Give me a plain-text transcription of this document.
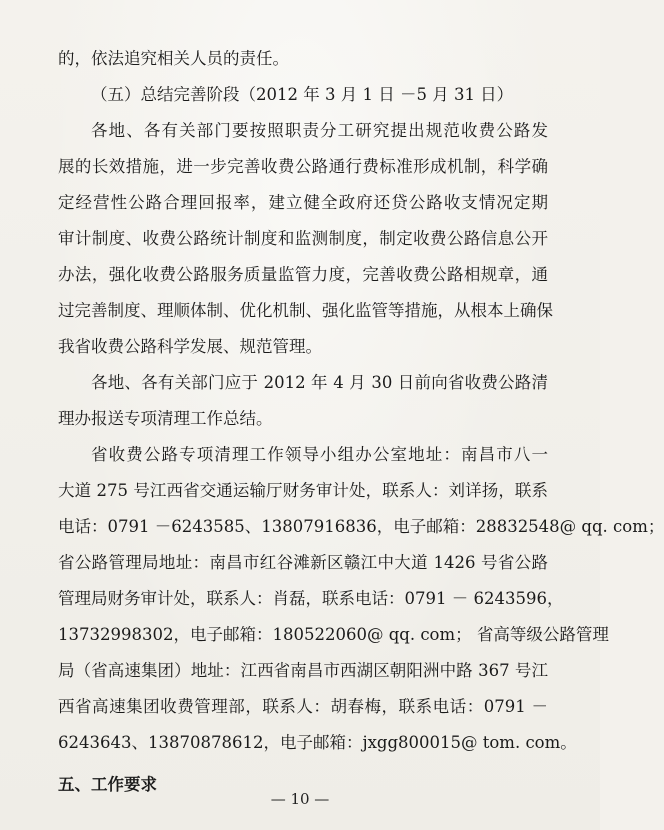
的，依法追究相关人员的责任。
（五）总结完善阶段（2012 年 3 月 1 日 －5 月 31 日）
各地、各有关部门要按照职责分工研究提出规范收费公路发
展的长效措施，进一步完善收费公路通行费标准形成机制，科学确
定经营性公路合理回报率，建立健全政府还贷公路收支情况定期
审计制度、收费公路统计制度和监测制度，制定收费公路信息公开
办法，强化收费公路服务质量监管力度，完善收费公路相规章，通
过完善制度、理顺体制、优化机制、强化监管等措施，从根本上确保
我省收费公路科学发展、规范管理。
各地、各有关部门应于 2012 年 4 月 30 日前向省收费公路清
理办报送专项清理工作总结。
省收费公路专项清理工作领导小组办公室地址：南昌市八一
大道 275 号江西省交通运输厅财务审计处，联系人：刘详扬，联系
电话：0791 －6243585、13807916836，电子邮箱：28832548@ qq. com；
省公路管理局地址：南昌市红谷滩新区赣江中大道 1426 号省公路
管理局财务审计处，联系人：肖磊，联系电话：0791 － 6243596，
13732998302，电子邮箱：180522060@ qq. com； 省高等级公路管理
局（省高速集团）地址：江西省南昌市西湖区朝阳洲中路 367 号江
西省高速集团收费管理部，联系人：胡春梅，联系电话：0791 －
6243643、13870878612，电子邮箱：jxgg800015@ tom. com。
五、工作要求
— 10 —
